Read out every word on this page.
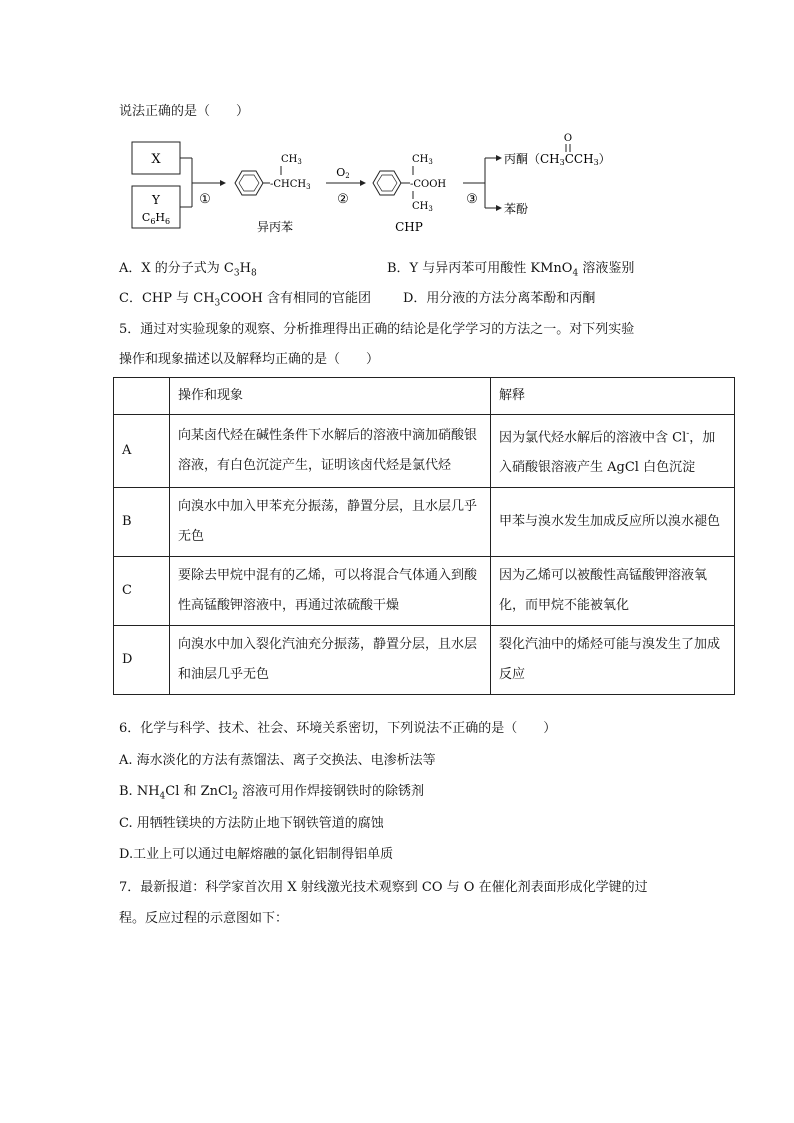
说法正确的是（　　）
X
Y
$C_6H_6$
①
$CH_3$
$-CHCH_3$
异丙苯
O2
②
$CH_3$
-COOH
$CH_3$
CHP
③
O
丙酮（CH3CCH3）
苯酚
A．X 的分子式为 $C_3H_8$	B．Y 与异丙苯可用酸性 KMnO$_4$ 溶液鉴别
C．CHP 与 $CH_3COOH$ 含有相同的官能团 D．用分液的方法分离苯酚和丙酮
5．通过对实验现象的观察、分析推理得出正确的结论是化学学习的方法之一。对下列实验
操作和现象描述以及解释均正确的是（　　）
	操作和现象	解释
A	向某卤代烃在碱性条件下水解后的溶液中滴加硝酸银溶液，有白色沉淀产生，证明该卤代烃是氯代烃	因为氯代烃水解后的溶液中含 Cl-，加入硝酸银溶液产生 AgCl 白色沉淀
B	向溴水中加入甲苯充分振荡，静置分层，且水层几乎无色	甲苯与溴水发生加成反应所以溴水褪色
C	要除去甲烷中混有的乙烯，可以将混合气体通入到酸性高锰酸钾溶液中，再通过浓硫酸干燥	因为乙烯可以被酸性高锰酸钾溶液氧化，而甲烷不能被氧化
D	向溴水中加入裂化汽油充分振荡，静置分层，且水层和油层几乎无色	裂化汽油中的烯烃可能与溴发生了加成反应
6．化学与科学、技术、社会、环境关系密切，下列说法不正确的是（　　）
A. 海水淡化的方法有蒸馏法、离子交换法、电渗析法等
B. $NH_4Cl$ 和 ZnCl$_2$ 溶液可用作焊接钢铁时的除锈剂
C. 用牺牲镁块的方法防止地下钢铁管道的腐蚀
D.工业上可以通过电解熔融的氯化铝制得铝单质
7．最新报道：科学家首次用 X 射线激光技术观察到 CO 与 O 在催化剂表面形成化学键的过
程。反应过程的示意图如下：
